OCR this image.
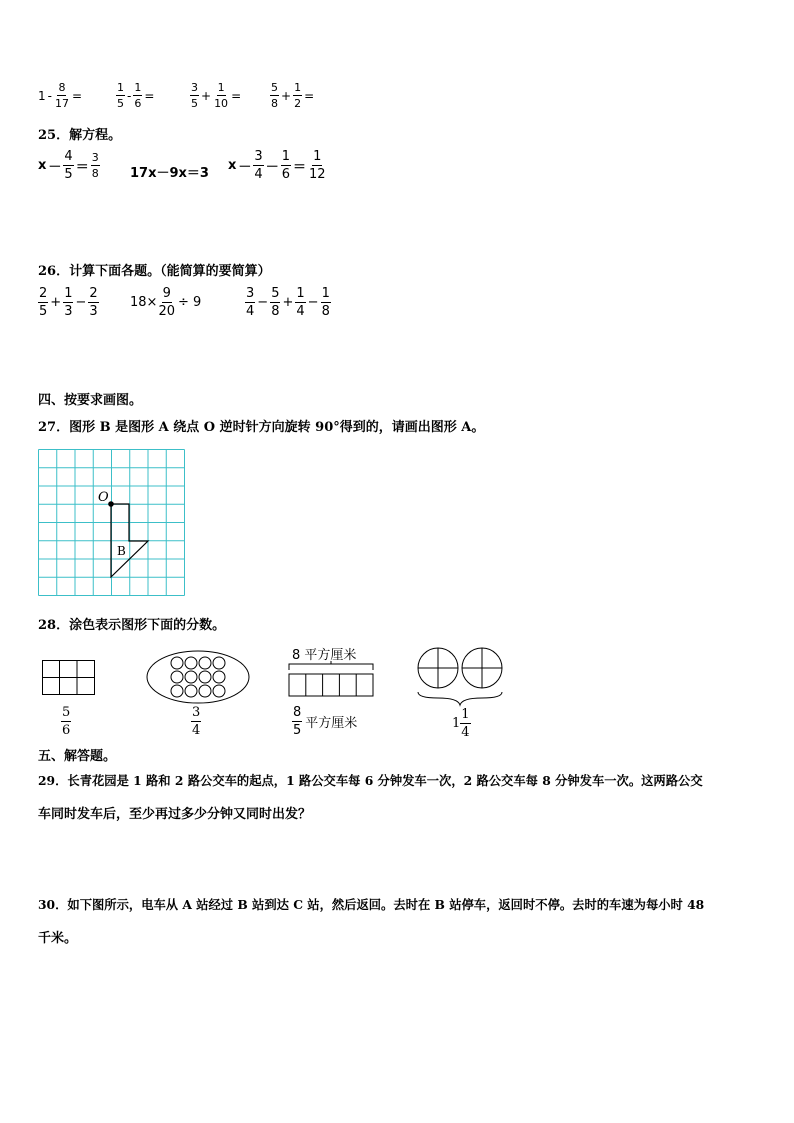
$1 - \frac{8}{17}$ =	$\frac{1}{5} - \frac{1}{6}$ =	$\frac{3}{5} + \frac{1}{10}$ =	$\frac{5}{8} + \frac{1}{2}$ =
25．解方程。
$x - \frac{4}{5} = \frac{3}{8} 17x-9x=3$
$x - \frac{3}{4} - \frac{1}{6} = \frac{1}{12}$
26．计算下面各题。（能简算的要简算）
$\frac{2}{5} + \frac{1}{3} - \frac{2}{3} 18\times \frac{9}{20} \div 9$	$\frac{3}{4} - \frac{5}{8} + \frac{1}{4} - \frac{1}{8}$
四、按要求画图。
27．图形 B 是图形 A 绕点 O 逆时针方向旋转 90°得到的，请画出图形 A。
O
B
28．涂色表示图形下面的分数。
$\frac{5}{6}$	$\frac{3}{4}$
8 平方厘米
$\frac{8}{5}$ 平方厘米	$1 \frac{1}{4}$
五、解答题。
29．长青花园是 1 路和 2 路公交车的起点，1 路公交车每 6 分钟发车一次，2 路公交车每 8 分钟发车一次。这两路公交
车同时发车后，至少再过多少分钟又同时出发？
30．如下图所示，电车从 A 站经过 B 站到达 C 站，然后返回。去时在 B 站停车，返回时不停。去时的车速为每小时 48
千米。
